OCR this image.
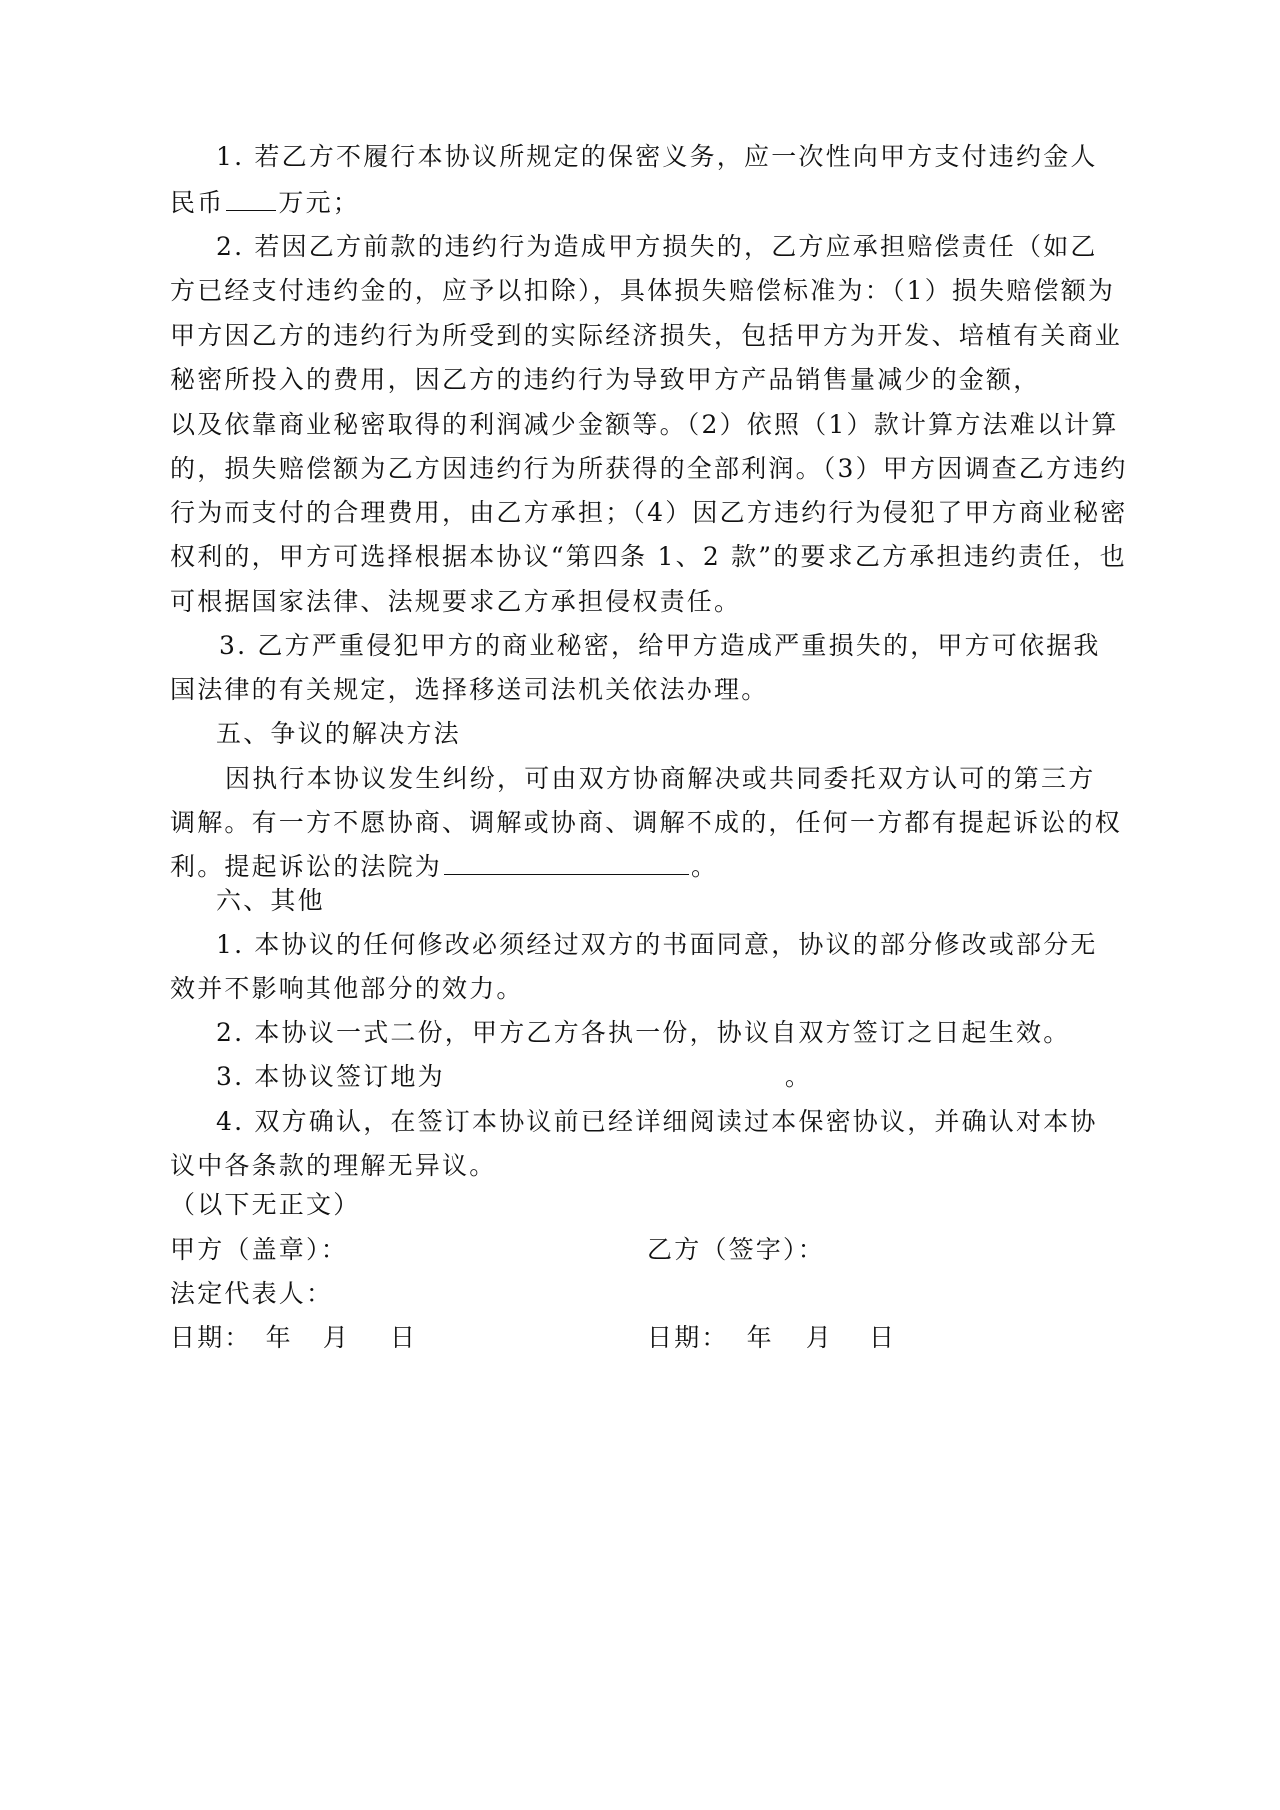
1. 若乙方不履行本协议所规定的保密义务，应一次性向甲方支付违约金人
民币 万元；
2. 若因乙方前款的违约行为造成甲方损失的，乙方应承担赔偿责任（如乙
方已经支付违约金的，应予以扣除），具体损失赔偿标准为：（1）损失赔偿额为
甲方因乙方的违约行为所受到的实际经济损失，包括甲方为开发、培植有关商业
秘密所投入的费用，因乙方的违约行为导致甲方产品销售量减少的金额，
以及依靠商业秘密取得的利润减少金额等。（2）依照（1）款计算方法难以计算
的，损失赔偿额为乙方因违约行为所获得的全部利润。（3）甲方因调查乙方违约
行为而支付的合理费用，由乙方承担；（4）因乙方违约行为侵犯了甲方商业秘密
权利的，甲方可选择根据本协议“第四条 1、2 款”的要求乙方承担违约责任，也
可根据国家法律、法规要求乙方承担侵权责任。
3. 乙方严重侵犯甲方的商业秘密，给甲方造成严重损失的，甲方可依据我
国法律的有关规定，选择移送司法机关依法办理。
五、争议的解决方法
因执行本协议发生纠纷，可由双方协商解决或共同委托双方认可的第三方
调解。有一方不愿协商、调解或协商、调解不成的，任何一方都有提起诉讼的权
利。提起诉讼的法院为	。
六、其他
1. 本协议的任何修改必须经过双方的书面同意，协议的部分修改或部分无
效并不影响其他部分的效力。
2. 本协议一式二份，甲方乙方各执一份，协议自双方签订之日起生效。
3. 本协议签订地为	。
4. 双方确认，在签订本协议前已经详细阅读过本保密协议，并确认对本协
议中各条款的理解无异议。
（以下无正文）
甲方（盖章）：	乙方（签字）：
法定代表人：
日期： 年 月 日	日期： 年 月 日
